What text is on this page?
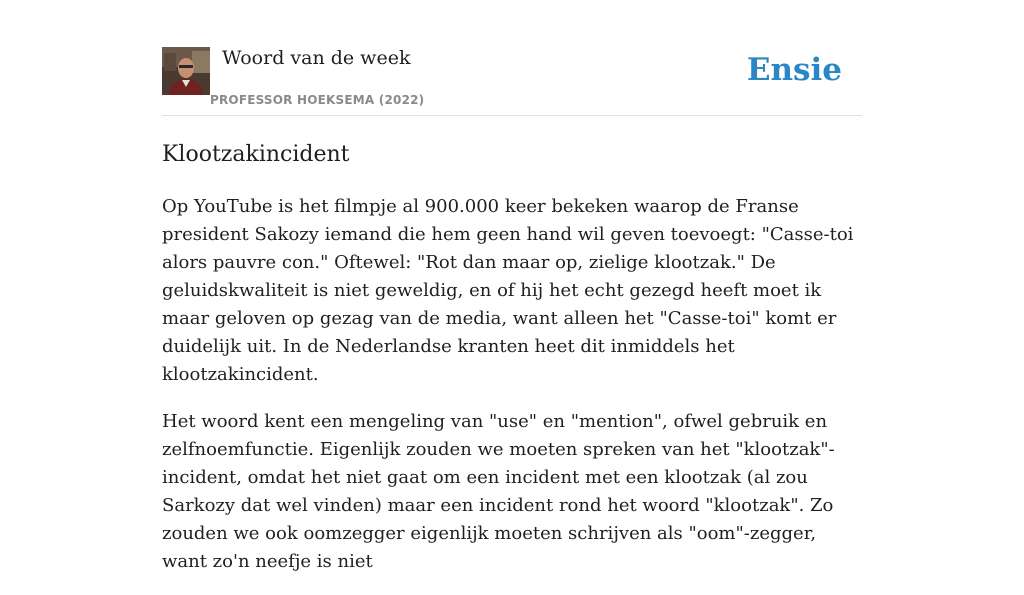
Woord van de week
PROFESSOR HOEKSEMA (2022)
Ensie
Klootzakincident

Op YouTube is het filmpje al 900.000 keer bekeken waarop de Franse president Sakozy iemand die hem geen hand wil geven toevoegt: "Casse-toi alors pauvre con." Oftewel: "Rot dan maar op, zielige klootzak." De geluidskwaliteit is niet geweldig, en of hij het echt gezegd heeft moet ik maar geloven op gezag van de media, want alleen het "Casse-toi" komt er duidelijk uit. In de Nederlandse kranten heet dit inmiddels het klootzakincident.

Het woord kent een mengeling van "use" en "mention", ofwel gebruik en zelfnoemfunctie. Eigenlijk zouden we moeten spreken van het "klootzak"-incident, omdat het niet gaat om een incident met een klootzak (al zou Sarkozy dat wel vinden) maar een incident rond het woord "klootzak". Zo zouden we ook oomzegger eigenlijk moeten schrijven als "oom"-zegger, want zo'n neefje is niet
